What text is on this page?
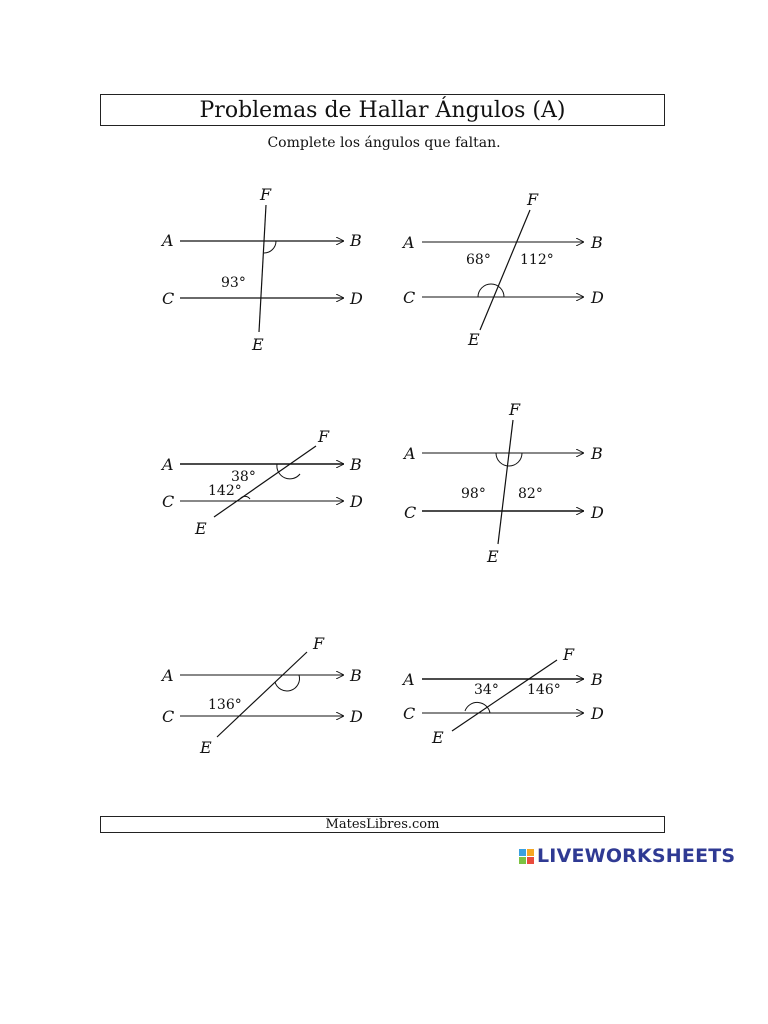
Problemas de Hallar Ángulos (A)
Complete los ángulos que faltan.
A	B
C	D
E
F
93°
A	B
C	D
E
F
68° 112°
A	B
C	D
E
F
38°
142°
A	B
C	D
E
F
98° 82°
A	B
C	D
E
F
136°
A	B
C	D
E
F
34° 146°
MatesLibres.com
LIVEWORKSHEETS
